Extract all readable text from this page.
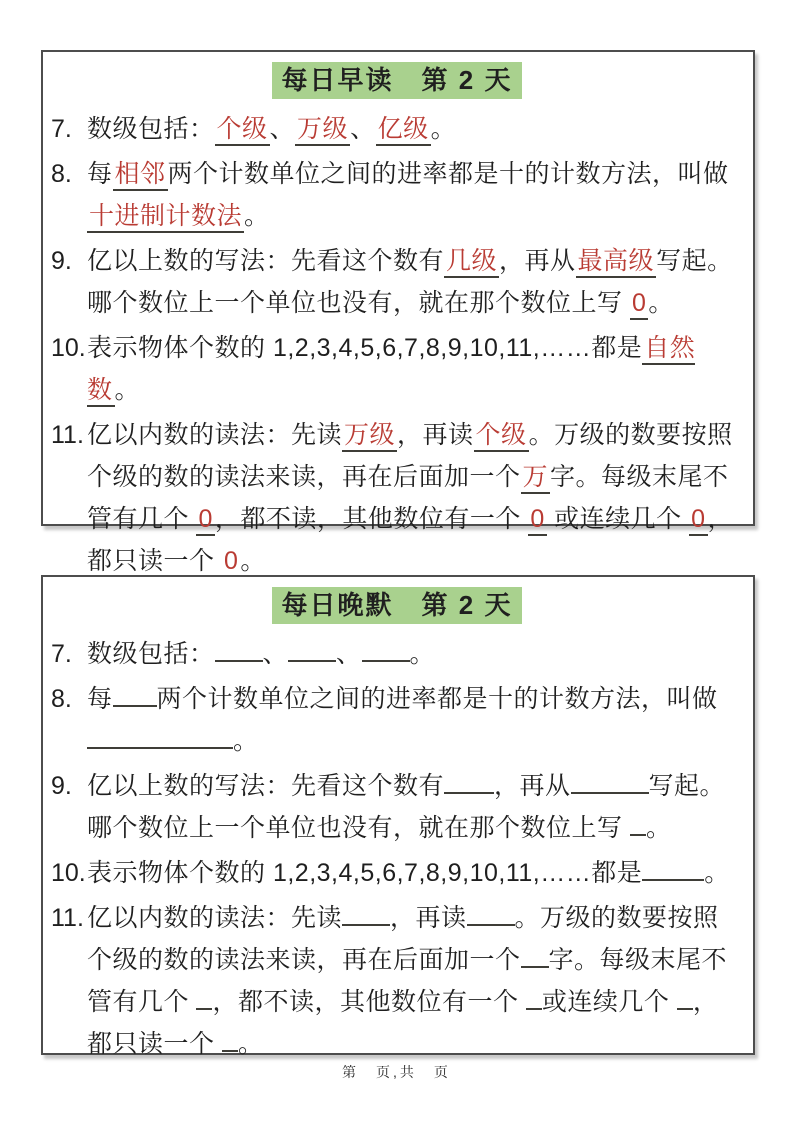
每日早读　第 2 天
7. 数级包括：个级、万级、亿级。
8. 每相邻两个计数单位之间的进率都是十的计数方法，叫做十进制计数法。
9. 亿以上数的写法：先看这个数有几级，再从最高级写起。哪个数位上一个单位也没有，就在那个数位上写 0。
10.表示物体个数的 1,2,3,4,5,6,7,8,9,10,11,……都是自然数。
11. 亿以内数的读法：先读万级，再读个级。万级的数要按照个级的数的读法来读，再在后面加一个万字。每级末尾不管有几个 0，都不读，其他数位有一个 0 或连续几个 0，都只读一个 0。
每日晚默　第 2 天
7. 数级包括： 、 、 。
8. 每 两个计数单位之间的进率都是十的计数方法，叫做。
9. 亿以上数的写法：先看这个数有 ，再从	写起。哪个数位上一个单位也没有，就在那个数位上写 。
10.表示物体个数的 1,2,3,4,5,6,7,8,9,10,11,……都是 。
11. 亿以内数的读法：先读 ，再读 。万级的数要按照个级的数的读法来读，再在后面加一个 字。每级末尾不管有几个 ，都不读，其他数位有一个 或连续几个 ，都只读一个 。
第　页,共　页
